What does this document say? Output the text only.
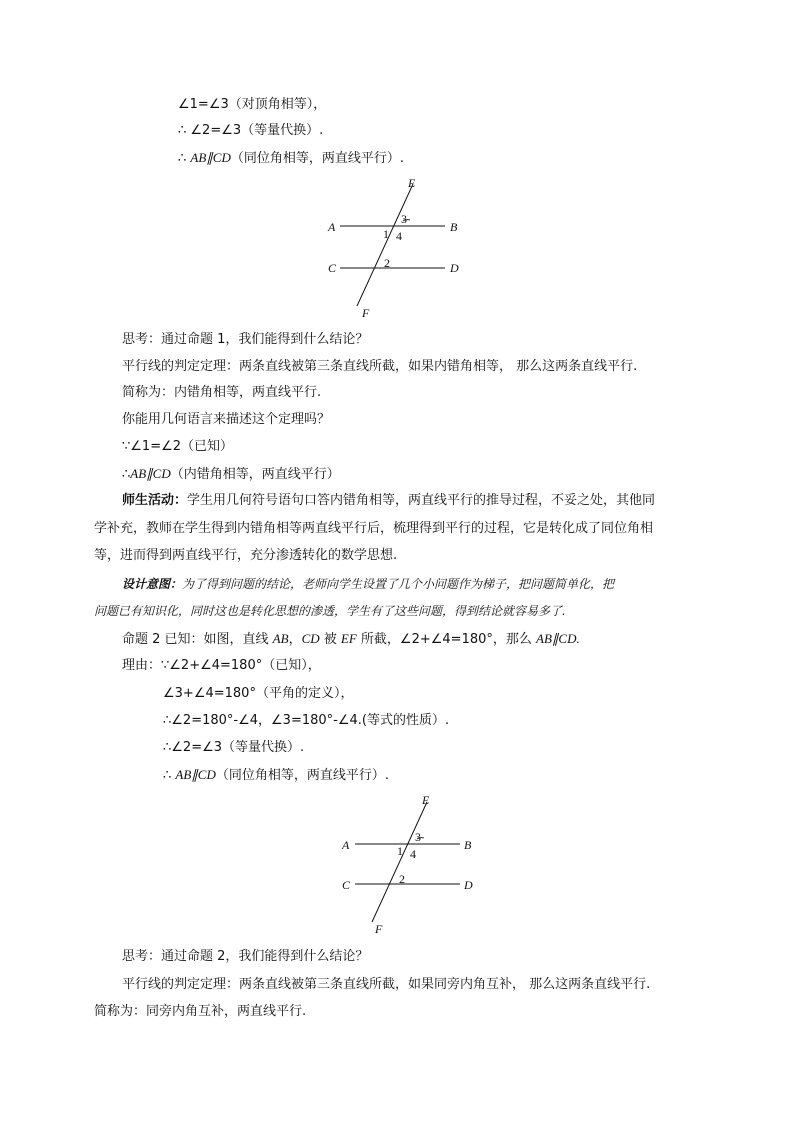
∠1=∠3（对顶角相等），
∴ ∠2=∠3（等量代换）.
∴ AB∥CD（同位角相等，两直线平行）.
E
A	B
C	D
F
1
2
3
4
思考：通过命题 1，我们能得到什么结论？
平行线的判定定理：两条直线被第三条直线所截，如果内错角相等， 那么这两条直线平行.
简称为：内错角相等，两直线平行.
你能用几何语言来描述这个定理吗？
∵∠1=∠2（已知）
∴AB∥CD（内错角相等，两直线平行）
师生活动：学生用几何符号语句口答内错角相等，两直线平行的推导过程，不妥之处，其他同
学补充，教师在学生得到内错角相等两直线平行后，梳理得到平行的过程，它是转化成了同位角相
等，进而得到两直线平行，充分渗透转化的数学思想.
设计意图：为了得到问题的结论，老师向学生设置了几个小问题作为梯子，把问题简单化，把
问题已有知识化，同时这也是转化思想的渗透，学生有了这些问题，得到结论就容易多了.
命题 2 已知：如图，直线 AB，CD 被 EF 所截，∠2+∠4=180°，那么 AB∥CD.
理由：∵∠2+∠4=180°（已知），
∠3+∠4=180°（平角的定义），
∴∠2=180°-∠4，∠3=180°-∠4.(等式的性质）.
∴∠2=∠3（等量代换）.
∴ AB∥CD（同位角相等，两直线平行）.
E
A	B
C	D
F
1
2
3
4
思考：通过命题 2，我们能得到什么结论？
平行线的判定定理：两条直线被第三条直线所截，如果同旁内角互补， 那么这两条直线平行.
简称为：同旁内角互补，两直线平行.
